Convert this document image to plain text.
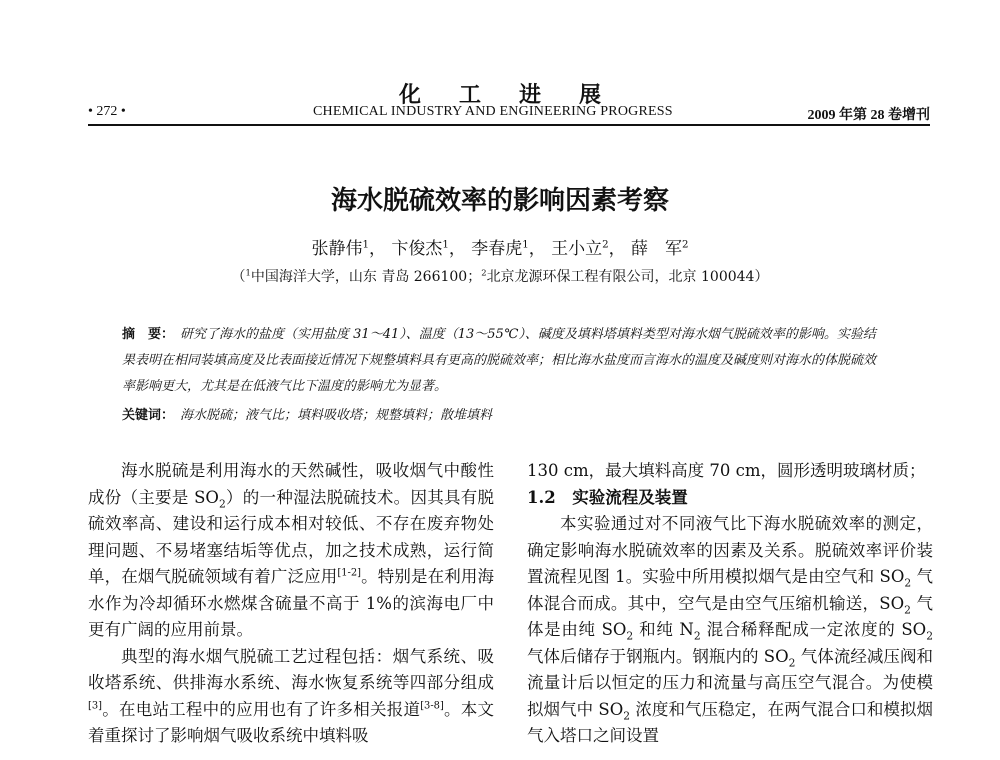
化工进展
• 272 •	CHEMICAL INDUSTRY AND ENGINEERING PROGRESS	2009 年第 28 卷增刊
海水脱硫效率的影响因素考察
张静伟$^1$， 卞俊杰$^1$， 李春虎$^1$， 王小立$^2$， 薛　军$^2$
（$^1$中国海洋大学，山东 青岛 266100；$^2$北京龙源环保工程有限公司，北京 100044）
摘　要： 研究了海水的盐度（实用盐度 31～41）、温度（13～55℃）、碱度及填料塔填料类型对海水烟气脱硫效率的影响。实验结果表明在相同装填高度及比表面接近情况下规整填料具有更高的脱硫效率；相比海水盐度而言海水的温度及碱度则对海水的体脱硫效率影响更大，尤其是在低液气比下温度的影响尤为显著。
关键词： 海水脱硫；液气比；填料吸收塔；规整填料；散堆填料

海水脱硫是利用海水的天然碱性，吸收烟气中酸性成份（主要是 $SO_2$）的一种湿法脱硫技术。因其具有脱硫效率高、建设和运行成本相对较低、不存在废弃物处理问题、不易堵塞结垢等优点，加之技术成熟，运行简单，在烟气脱硫领域有着广泛应用[1-2]。特别是在利用海水作为冷却循环水燃煤含硫量不高于 1%的滨海电厂中更有广阔的应用前景。

典型的海水烟气脱硫工艺过程包括：烟气系统、吸收塔系统、供排海水系统、海水恢复系统等四部分组成[3]。在电站工程中的应用也有了许多相关报道[3-8]。本文着重探讨了影响烟气吸收系统中填料吸

130 cm，最大填料高度 70 cm，圆形透明玻璃材质；

1.2　实验流程及装置

本实验通过对不同液气比下海水脱硫效率的测定，确定影响海水脱硫效率的因素及关系。脱硫效率评价装置流程见图 1。实验中所用模拟烟气是由空气和 $SO_2$ 气体混合而成。其中，空气是由空气压缩机输送，$SO_2$ 气体是由纯 $SO_2$ 和纯 $N_2$ 混合稀释配成一定浓度的 $SO_2$ 气体后储存于钢瓶内。钢瓶内的 $SO_2$ 气体流经减压阀和流量计后以恒定的压力和流量与高压空气混合。为使模拟烟气中 $SO_2$ 浓度和气压稳定，在两气混合口和模拟烟气入塔口之间设置
